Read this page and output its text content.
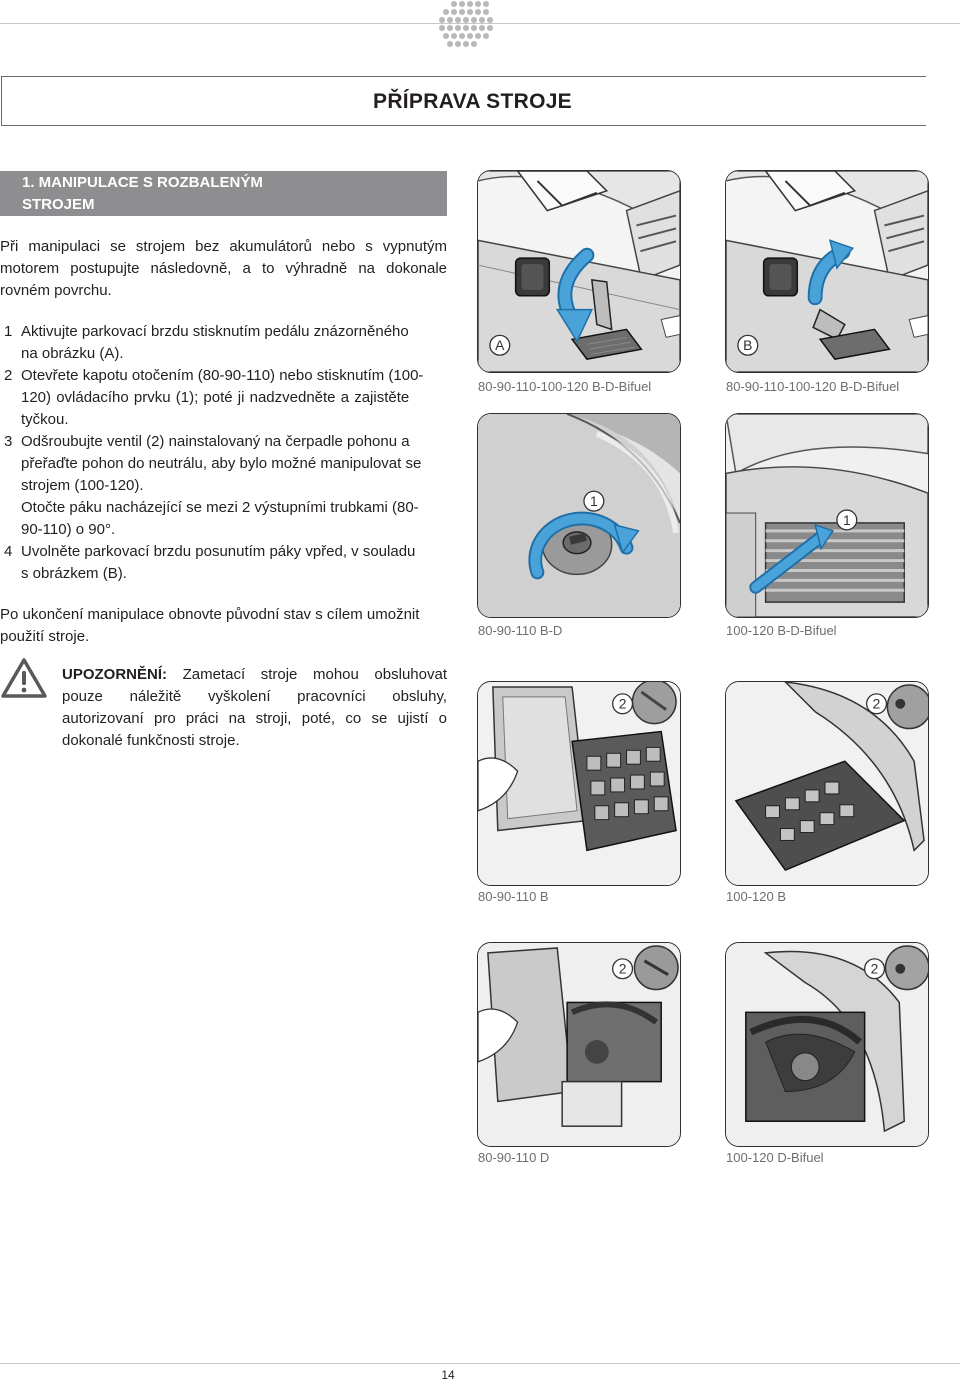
PŘÍPRAVA STROJE
1. MANIPULACE S ROZBALENÝM
STROJEM
Při manipulaci se strojem bez akumulátorů nebo s vypnutým
motorem postupujte následovně, a to výhradně na dokonale
rovném povrchu.
1 Aktivujte parkovací brzdu stisknutím pedálu znázorněného
na obrázku (A).
2 Otevřete kapotu otočením (80-90-110) nebo stisknutím (100-
120) ovládacího prvku (1); poté ji nadzvedněte a zajistěte
tyčkou.
3 Odšroubujte ventil (2) nainstalovaný na čerpadle pohonu a
přeřaďte pohon do neutrálu, aby bylo možné manipulovat se
strojem (100-120).
Otočte páku nacházející se mezi 2 výstupními trubkami (80-
90-110) o 90°.
4 Uvolněte parkovací brzdu posunutím páky vpřed, v souladu
s obrázkem (B).
Po ukončení manipulace obnovte původní stav s cílem umožnit
použití stroje.
UPOZORNĚNÍ: Zametací stroje mohou obsluhovat
pouze náležitě vyškolení pracovníci obsluhy,
autorizovaní pro práci na stroji, poté, co se ujistí o
dokonalé funkčnosti stroje.
A
80-90-110-100-120 B-D-Bifuel
B
80-90-110-100-120 B-D-Bifuel
1
80-90-110 B-D
1
100-120 B-D-Bifuel
2
80-90-110 B
2
100-120 B
2
80-90-110 D
2
100-120 D-Bifuel
14
